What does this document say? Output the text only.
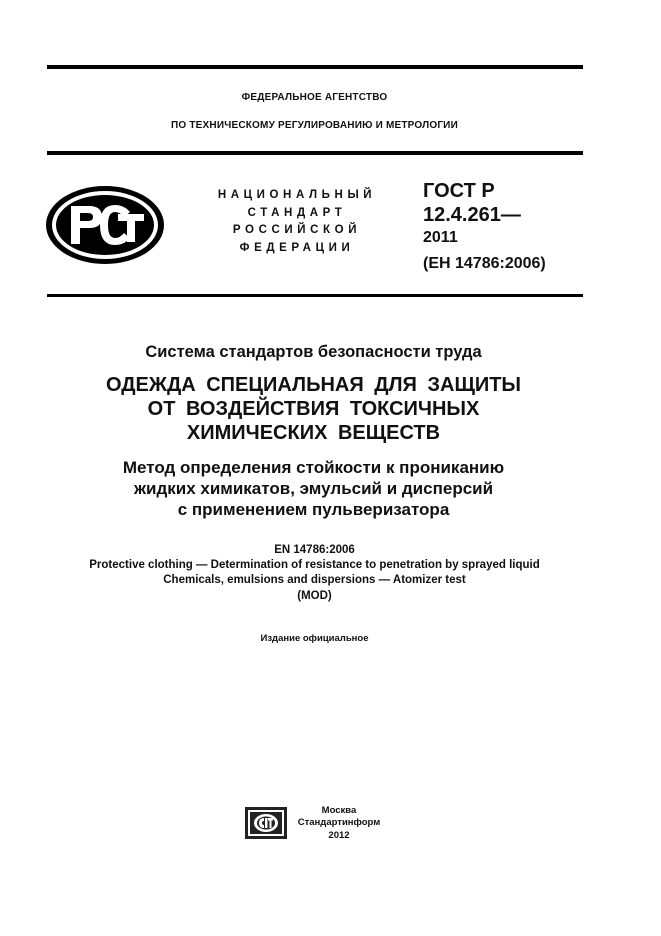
ФЕДЕРАЛЬНОЕ АГЕНТСТВО
ПО ТЕХНИЧЕСКОМУ РЕГУЛИРОВАНИЮ И МЕТРОЛОГИИ
НАЦИОНАЛЬНЫЙ
СТАНДАРТ
РОССИЙСКОЙ
ФЕДЕРАЦИИ
ГОСТ Р
12.4.261—
2011
(ЕН 14786:2006)
Система стандартов безопасности труда
ОДЕЖДА СПЕЦИАЛЬНАЯ ДЛЯ ЗАЩИТЫ
ОТ ВОЗДЕЙСТВИЯ ТОКСИЧНЫХ
ХИМИЧЕСКИХ ВЕЩЕСТВ
Метод определения стойкости к прониканию
жидких химикатов, эмульсий и дисперсий
с применением пульверизатора
EN 14786:2006
Protective clothing — Determination of resistance to penetration by sprayed liquid
Chemicals, emulsions and dispersions — Atomizer test
(MOD)
Издание официальное
Москва
Стандартинформ
2012
